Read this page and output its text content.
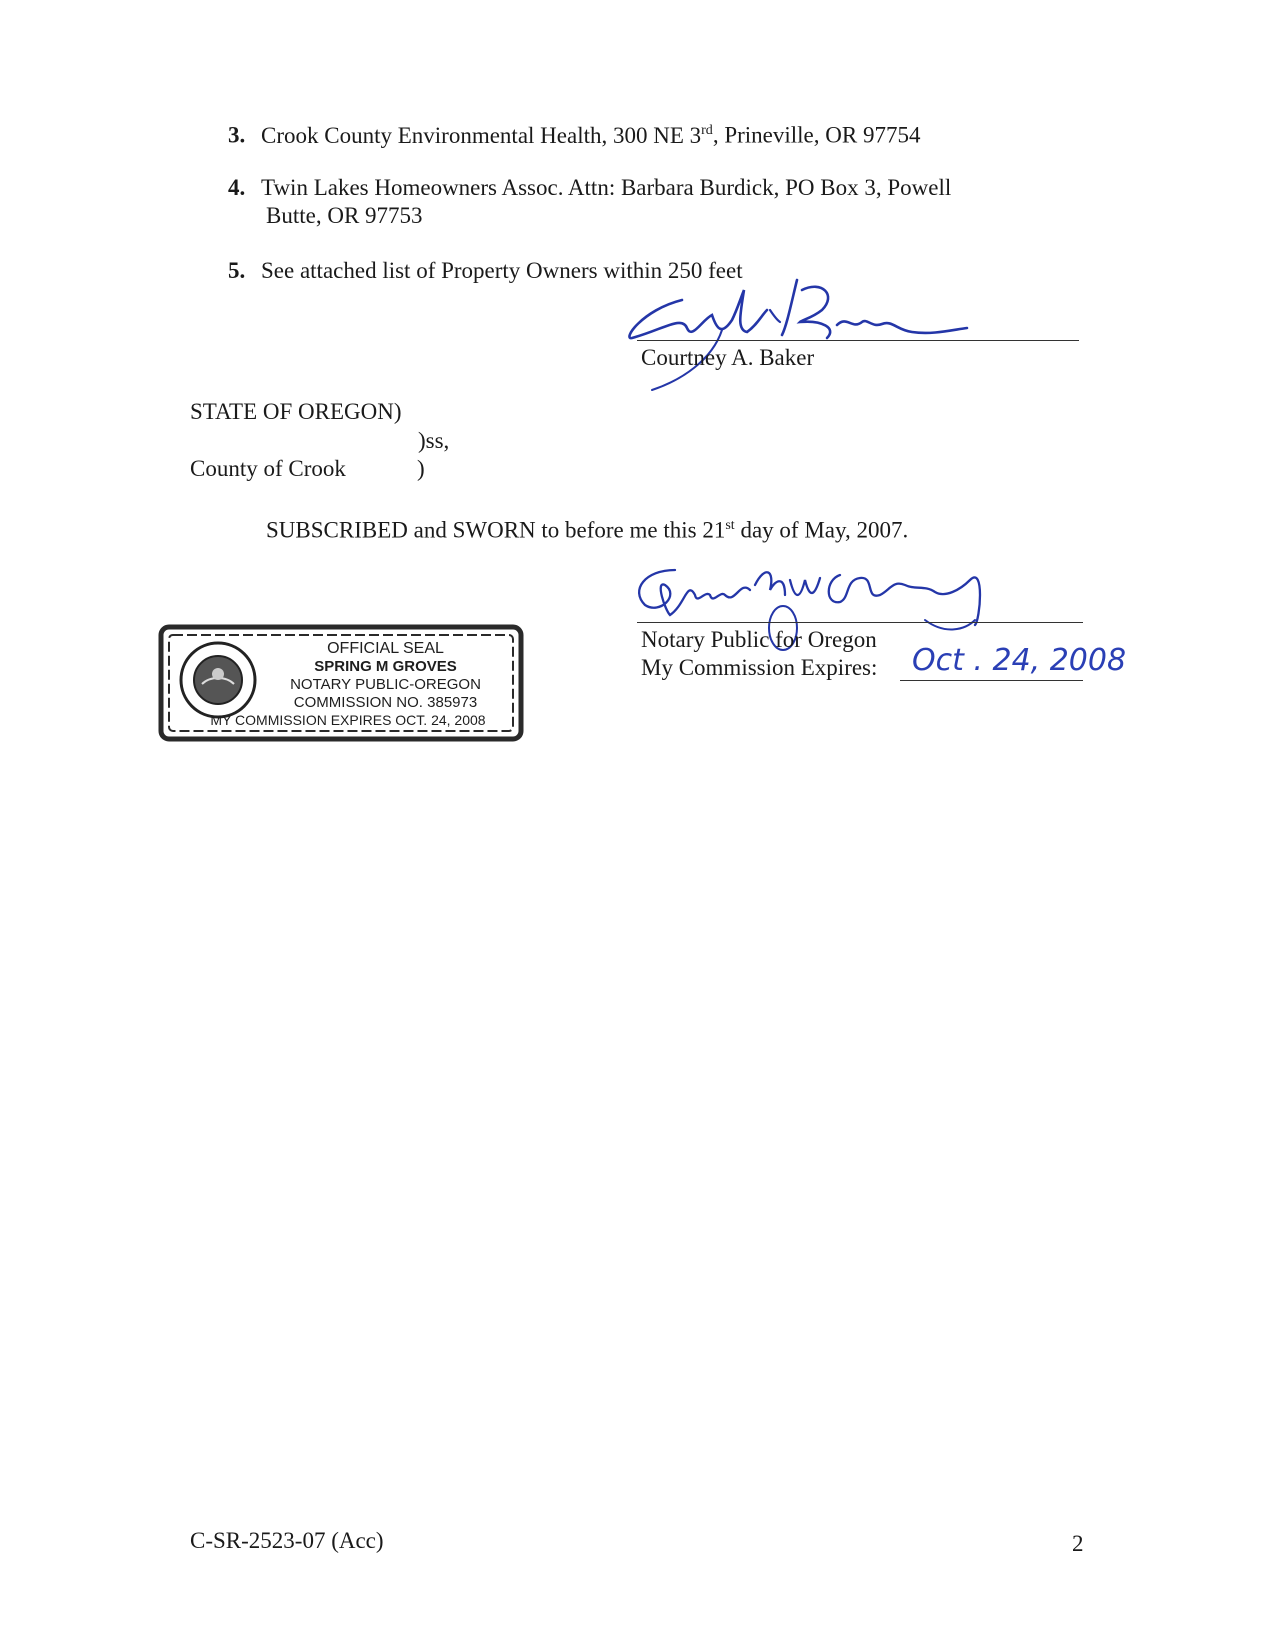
3. Crook County Environmental Health, 300 NE 3rd, Prineville, OR 97754
4. Twin Lakes Homeowners Assoc. Attn: Barbara Burdick, PO Box 3, Powell
Butte, OR 97753
5. See attached list of Property Owners within 250 feet
Courtney A. Baker
STATE OF OREGON)
)ss,
County of Crook	)
SUBSCRIBED and SWORN to before me this 21st day of May, 2007.
Notary Public for Oregon
My Commission Expires: Oct . 24, 2008
OFFICIAL SEAL
SPRING M GROVES
NOTARY PUBLIC-OREGON
COMMISSION NO. 385973
MY COMMISSION EXPIRES OCT. 24, 2008
C-SR-2523-07 (Acc)	2
